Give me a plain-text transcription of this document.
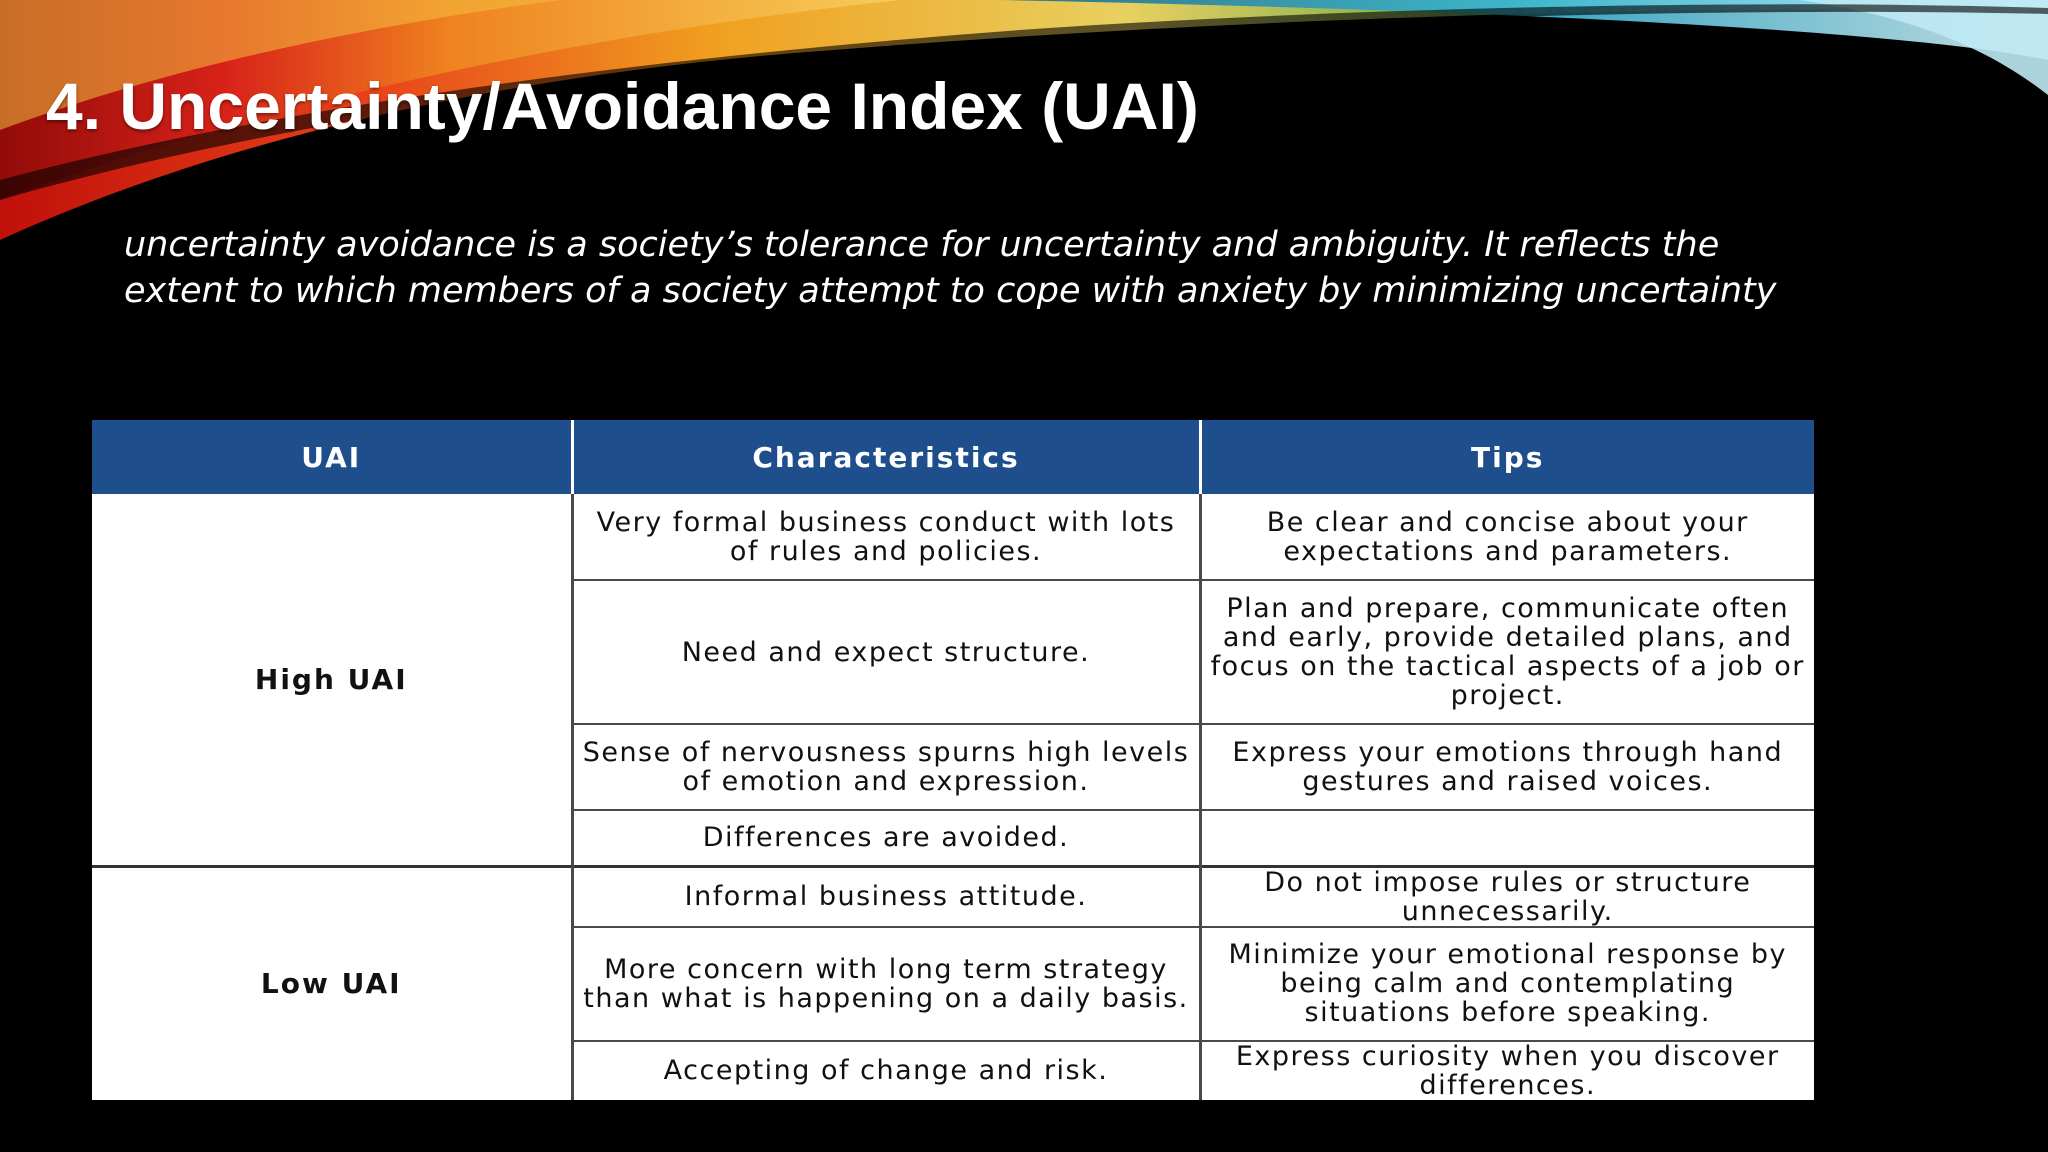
4. Uncertainty/Avoidance Index (UAI)
uncertainty avoidance is a society’s tolerance for uncertainty and ambiguity. It reflects the
extent to which members of a society attempt to cope with anxiety by minimizing uncertainty
UAI	Characteristics	Tips
High UAI	Very formal business conduct with lots of rules and policies.	Be clear and concise about your expectations and parameters.
	Need and expect structure.	Plan and prepare, communicate often and early, provide detailed plans, and focus on the tactical aspects of a job or project.
	Sense of nervousness spurns high levels of emotion and expression.	Express your emotions through hand gestures and raised voices.
	Differences are avoided.	
Low UAI	Informal business attitude.	Do not impose rules or structure unnecessarily.
	More concern with long term strategy than what is happening on a daily basis.	Minimize your emotional response by being calm and contemplating situations before speaking.
	Accepting of change and risk.	Express curiosity when you discover differences.
